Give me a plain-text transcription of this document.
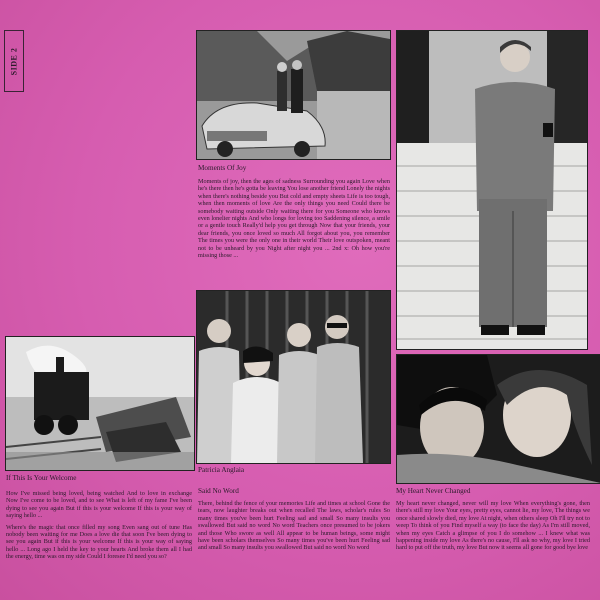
SIDE 2
Moments Of Joy
Moments of joy, then the ages of sadness Surrounding you again Love when he's there then he's gotta be leaving You lose another friend Lonely the nights when there's nothing beside you But cold and empty sheets Life is too tough, when then moments of love Are the only things you need Could there be somebody waiting outside Only waiting there for you Someone who knows even lonelier nights And who longs for loving too Saddening silence, a smile or a gentle touch Really'd help you get through Now that your friends, your dear friends, you once loved so much All forgot about you, you remember The times you were the only one in their world Their love outspoken, meant not to be unheard by you Night after night you ... 2nd x: Oh how you're missing those ...
Patricia Anglaia
If This Is Your Welcome
Said No Word	My Heart Never Changed

How I've missed being loved, being watched And to love in exchange Now I've come to be loved, and to see What is left of my fame I've been dying to see you again But if this is your welcome If this is your way of saying hello ...

Where's the magic that once filled my song Even sang out of tune Has nobody been waiting for me Does a love die that soon I've been dying to see you again But if this is your welcome If this is your way of saying hello ... Long ago I held the key to your hearts And broke them all I had the energy, time was on my side Could I foresee I'd need you so?

There, behind the fence of your memories Life and times at school Gone the tears, now laughter breaks out when recalled The laws, scholar's rules So many times you've been hurt Feeling sad and small So many insults you swallowed But said no word No word Teachers once presumed to be jokers and those Who swore as well All appear to be human beings, some might have been scholars themselves So many times you've been hurt Feeling sad and small So many insults you swallowed But said no word No word
My heart never changed, never will my love When everything's gone, then there's still my love Your eyes, pretty eyes, cannot lie, my love, The things we once shared slowly died, my love At night, when others sleep Oh I'll try not to weep To think of you Find myself a way (to face the day) As I'm still moved, when my eyes Catch a glimpse of you I do somehow ... I knew what was happening inside my love As there's no cause, I'll ask no why, my love I tried hard to put off the truth, my love But now it seems all gone for good bye love
